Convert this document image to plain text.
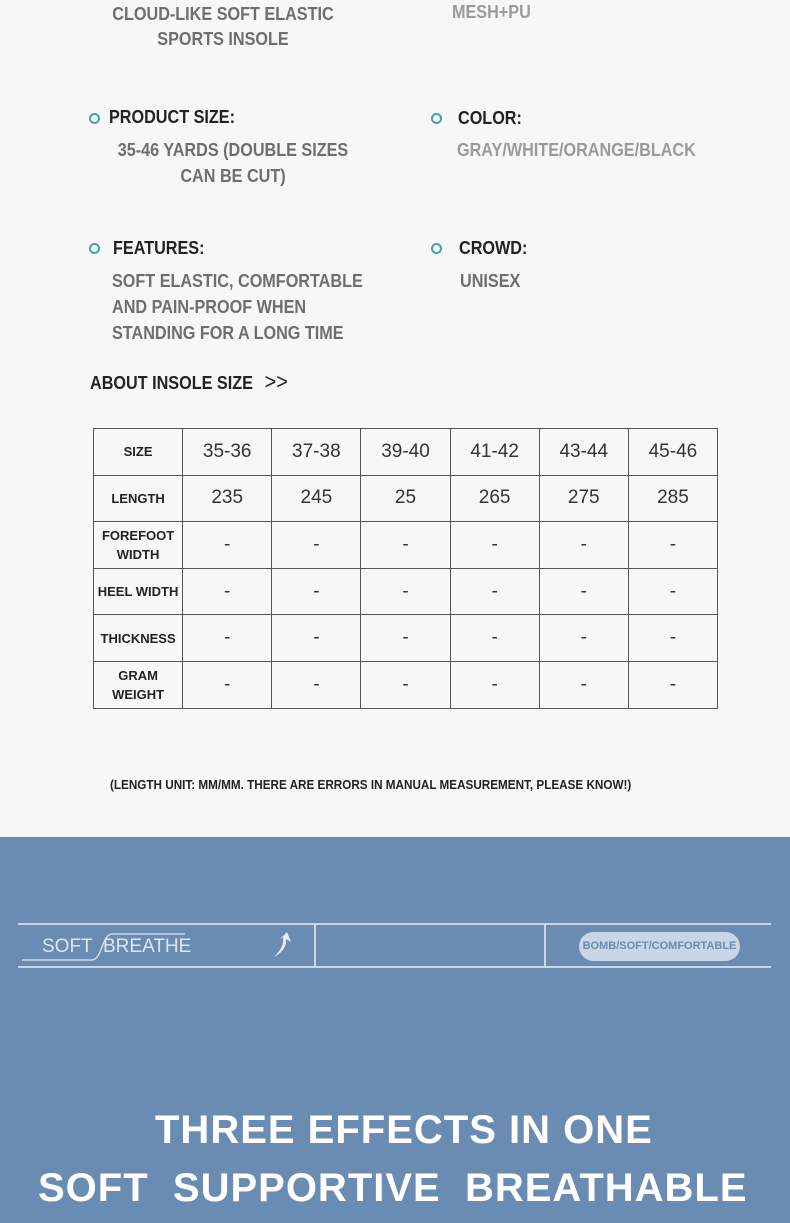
CLOUD-LIKE SOFT ELASTIC
SPORTS INSOLE
MESH+PU
PRODUCT SIZE:
35-46 YARDS (DOUBLE SIZES
CAN BE CUT)
COLOR:
GRAY/WHITE/ORANGE/BLACK
FEATURES:
SOFT ELASTIC, COMFORTABLE
AND PAIN-PROOF WHEN
STANDING FOR A LONG TIME
CROWD:
UNISEX
ABOUT INSOLE SIZE >>
SIZE	35-36	37-38	39-40	41-42	43-44	45-46
LENGTH	235	245	25	265	275	285
FOREFOOT WIDTH	-	-	-	-	-	-
HEEL WIDTH	-	-	-	-	-	-
THICKNESS	-	-	-	-	-	-
GRAM WEIGHT	-	-	-	-	-	-
(LENGTH UNIT: MM/MM. THERE ARE ERRORS IN MANUAL MEASUREMENT, PLEASE KNOW!)
SOFT BREATHE	BOMB/SOFT/COMFORTABLE
THREE EFFECTS IN ONE
SOFT  SUPPORTIVE  BREATHABLE
